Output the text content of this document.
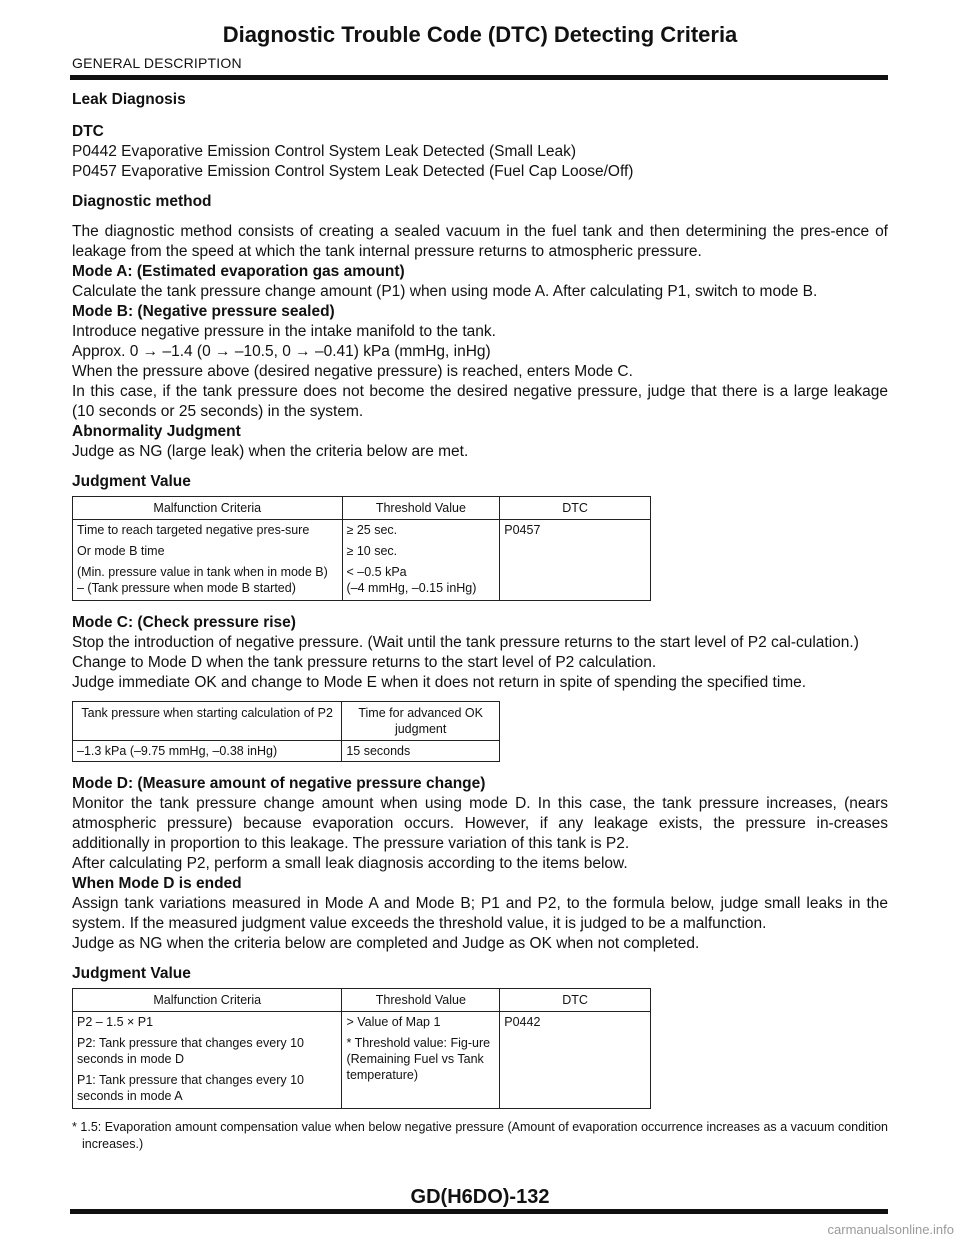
Diagnostic Trouble Code (DTC) Detecting Criteria
GENERAL DESCRIPTION
Leak Diagnosis
DTC
P0442 Evaporative Emission Control System Leak Detected (Small Leak)
P0457 Evaporative Emission Control System Leak Detected (Fuel Cap Loose/Off)
Diagnostic method
The diagnostic method consists of creating a sealed vacuum in the fuel tank and then determining the pres-ence of leakage from the speed at which the tank internal pressure returns to atmospheric pressure.
Mode A: (Estimated evaporation gas amount)
Calculate the tank pressure change amount (P1) when using mode A. After calculating P1, switch to mode B.
Mode B: (Negative pressure sealed)
Introduce negative pressure in the intake manifold to the tank.
Approx. 0 → –1.4 (0 → –10.5, 0 → –0.41) kPa (mmHg, inHg)
When the pressure above (desired negative pressure) is reached, enters Mode C.
In this case, if the tank pressure does not become the desired negative pressure, judge that there is a large leakage (10 seconds or 25 seconds) in the system.
Abnormality Judgment
Judge as NG (large leak) when the criteria below are met.
Judgment Value
Malfunction Criteria	Threshold Value	DTC
Time to reach targeted negative pres-sure	≥ 25 sec.	P0457
Or mode B time	≥ 10 sec.	
(Min. pressure value in tank when in mode B) – (Tank pressure when mode B started)	< –0.5 kPa
(–4 mmHg, –0.15 inHg)	
Mode C: (Check pressure rise)
Stop the introduction of negative pressure. (Wait until the tank pressure returns to the start level of P2 cal-culation.)
Change to Mode D when the tank pressure returns to the start level of P2 calculation.
Judge immediate OK and change to Mode E when it does not return in spite of spending the specified time.
Tank pressure when starting calculation of P2	Time for advanced OK judgment
–1.3 kPa (–9.75 mmHg, –0.38 inHg)	15 seconds
Mode D: (Measure amount of negative pressure change)
Monitor the tank pressure change amount when using mode D. In this case, the tank pressure increases, (nears atmospheric pressure) because evaporation occurs. However, if any leakage exists, the pressure in-creases additionally in proportion to this leakage. The pressure variation of this tank is P2.
After calculating P2, perform a small leak diagnosis according to the items below.
When Mode D is ended
Assign tank variations measured in Mode A and Mode B; P1 and P2, to the formula below, judge small leaks in the system. If the measured judgment value exceeds the threshold value, it is judged to be a malfunction.
Judge as NG when the criteria below are completed and Judge as OK when not completed.
Judgment Value
Malfunction Criteria	Threshold Value	DTC
P2 – 1.5 × P1	> Value of Map 1	P0442
P2: Tank pressure that changes every 10 seconds in mode D	* Threshold value: Fig-ure (Remaining Fuel vs Tank temperature)	
P1: Tank pressure that changes every 10 seconds in mode A		
* 1.5: Evaporation amount compensation value when below negative pressure (Amount of evaporation occurrence increases as a vacuum condition increases.)
GD(H6DO)-132
carmanualsonline.info
